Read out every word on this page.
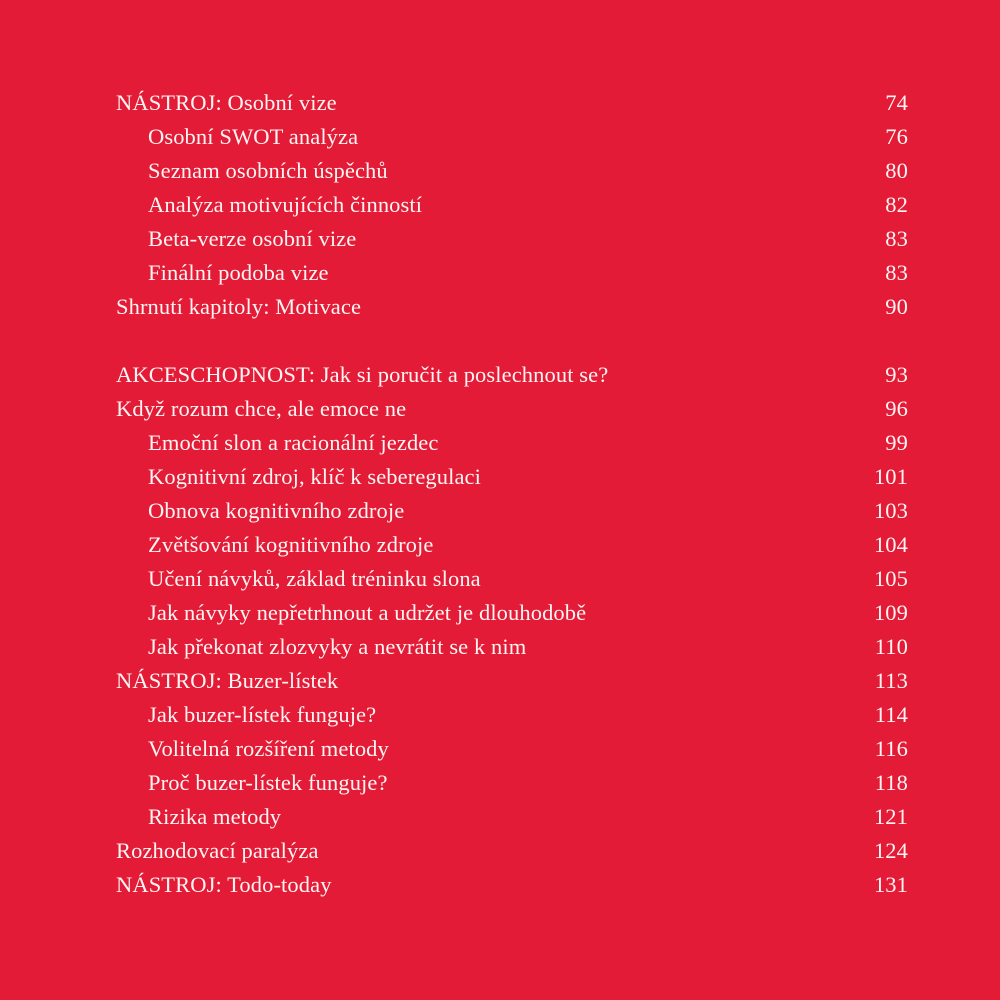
NÁSTROJ: Osobní vize	74
Osobní SWOT analýza	76
Seznam osobních úspěchů	80
Analýza motivujících činností	82
Beta-verze osobní vize	83
Finální podoba vize	83
Shrnutí kapitoly: Motivace	90
AKCESCHOPNOST: Jak si poručit a poslechnout se?	93
Když rozum chce, ale emoce ne	96
Emoční slon a racionální jezdec	99
Kognitivní zdroj, klíč k seberegulaci	101
Obnova kognitivního zdroje	103
Zvětšování kognitivního zdroje	104
Učení návyků, základ tréninku slona	105
Jak návyky nepřetrhnout a udržet je dlouhodobě	109
Jak překonat zlozvyky a nevrátit se k nim	110
NÁSTROJ: Buzer-lístek	113
Jak buzer-lístek funguje?	114
Volitelná rozšíření metody	116
Proč buzer-lístek funguje?	118
Rizika metody	121
Rozhodovací paralýza	124
NÁSTROJ: Todo-today	131
